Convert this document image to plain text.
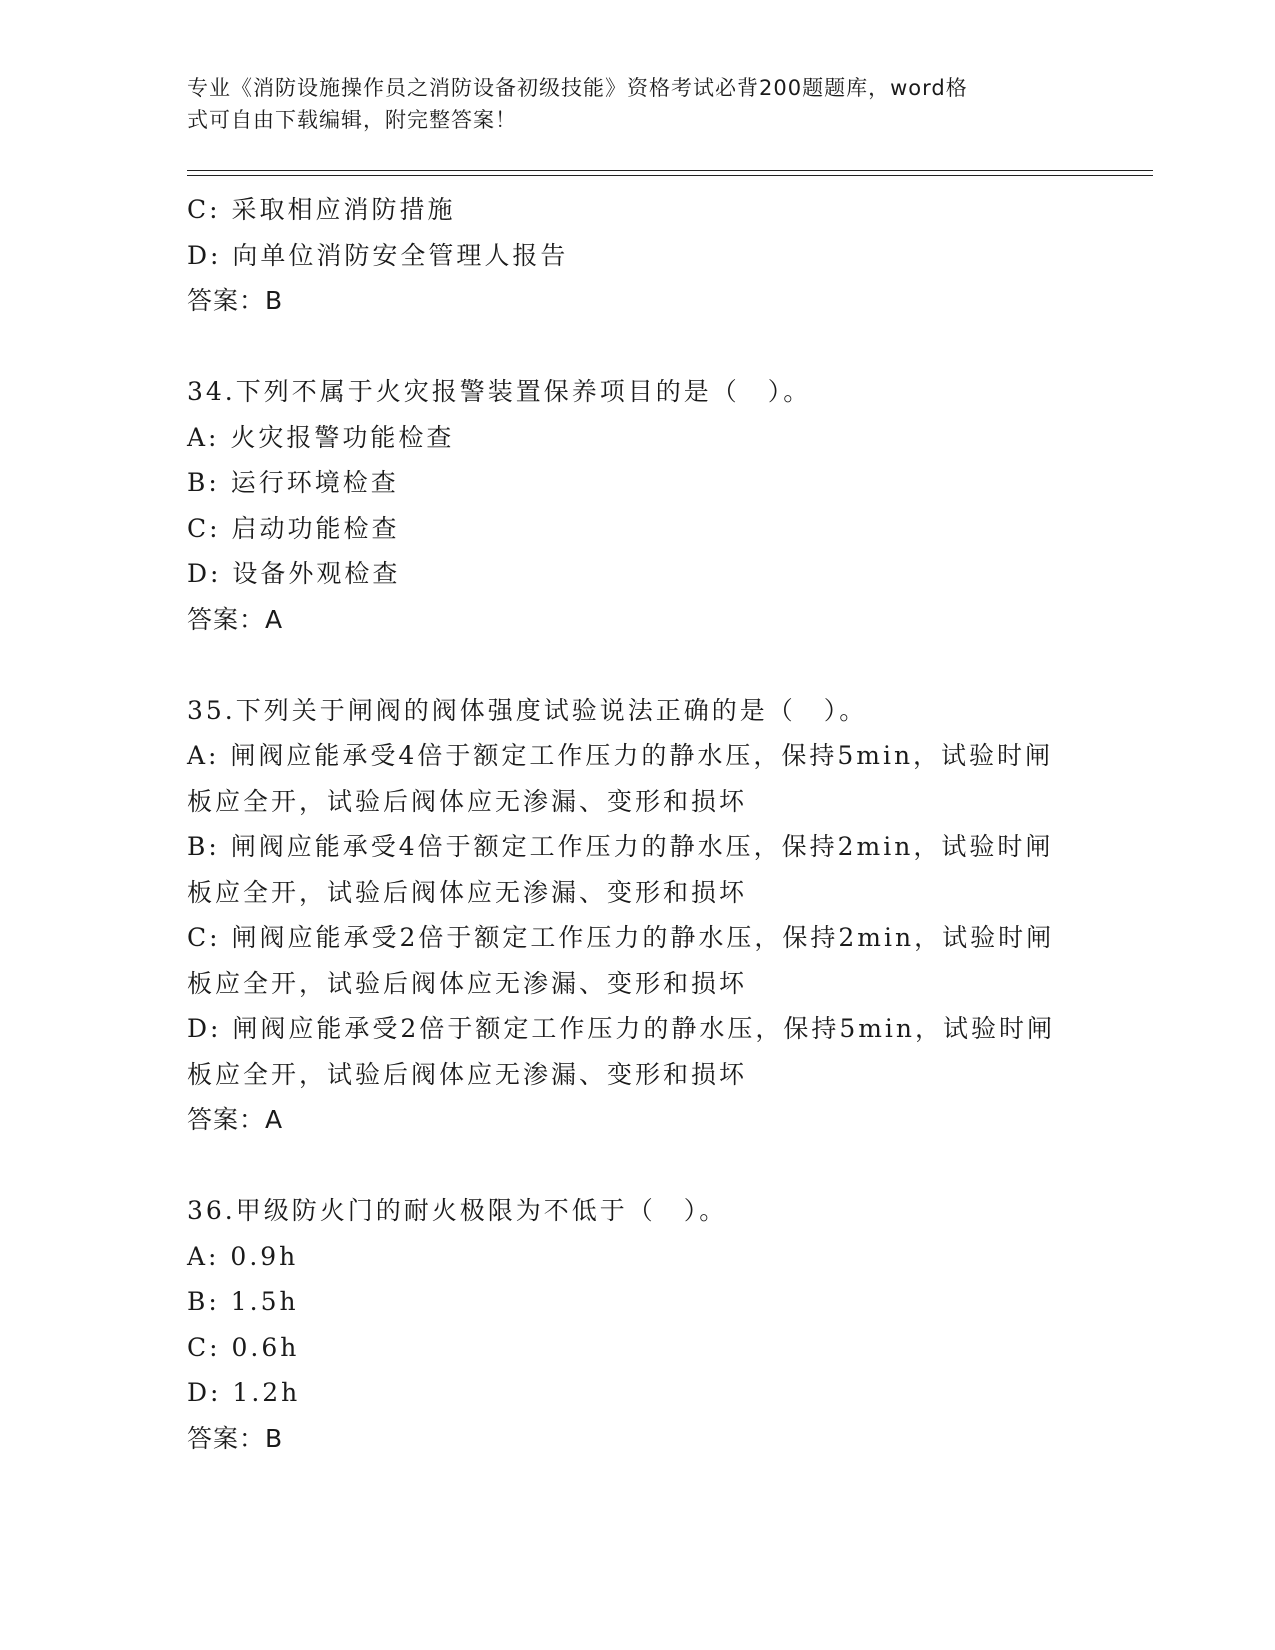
专业《消防设施操作员之消防设备初级技能》资格考试必背200题题库，word格
式可自由下载编辑，附完整答案！
C: 采取相应消防措施
D: 向单位消防安全管理人报告
答案：B
34.下列不属于火灾报警装置保养项目的是（　）。
A: 火灾报警功能检查
B: 运行环境检查
C: 启动功能检查
D: 设备外观检查
答案：A
35.下列关于闸阀的阀体强度试验说法正确的是（　）。
A: 闸阀应能承受4倍于额定工作压力的静水压，保持5min，试验时闸
板应全开，试验后阀体应无渗漏、变形和损坏
B: 闸阀应能承受4倍于额定工作压力的静水压，保持2min，试验时闸
板应全开，试验后阀体应无渗漏、变形和损坏
C: 闸阀应能承受2倍于额定工作压力的静水压，保持2min，试验时闸
板应全开，试验后阀体应无渗漏、变形和损坏
D: 闸阀应能承受2倍于额定工作压力的静水压，保持5min，试验时闸
板应全开，试验后阀体应无渗漏、变形和损坏
答案：A
36.甲级防火门的耐火极限为不低于（　）。
A: 0.9h
B: 1.5h
C: 0.6h
D: 1.2h
答案：B
